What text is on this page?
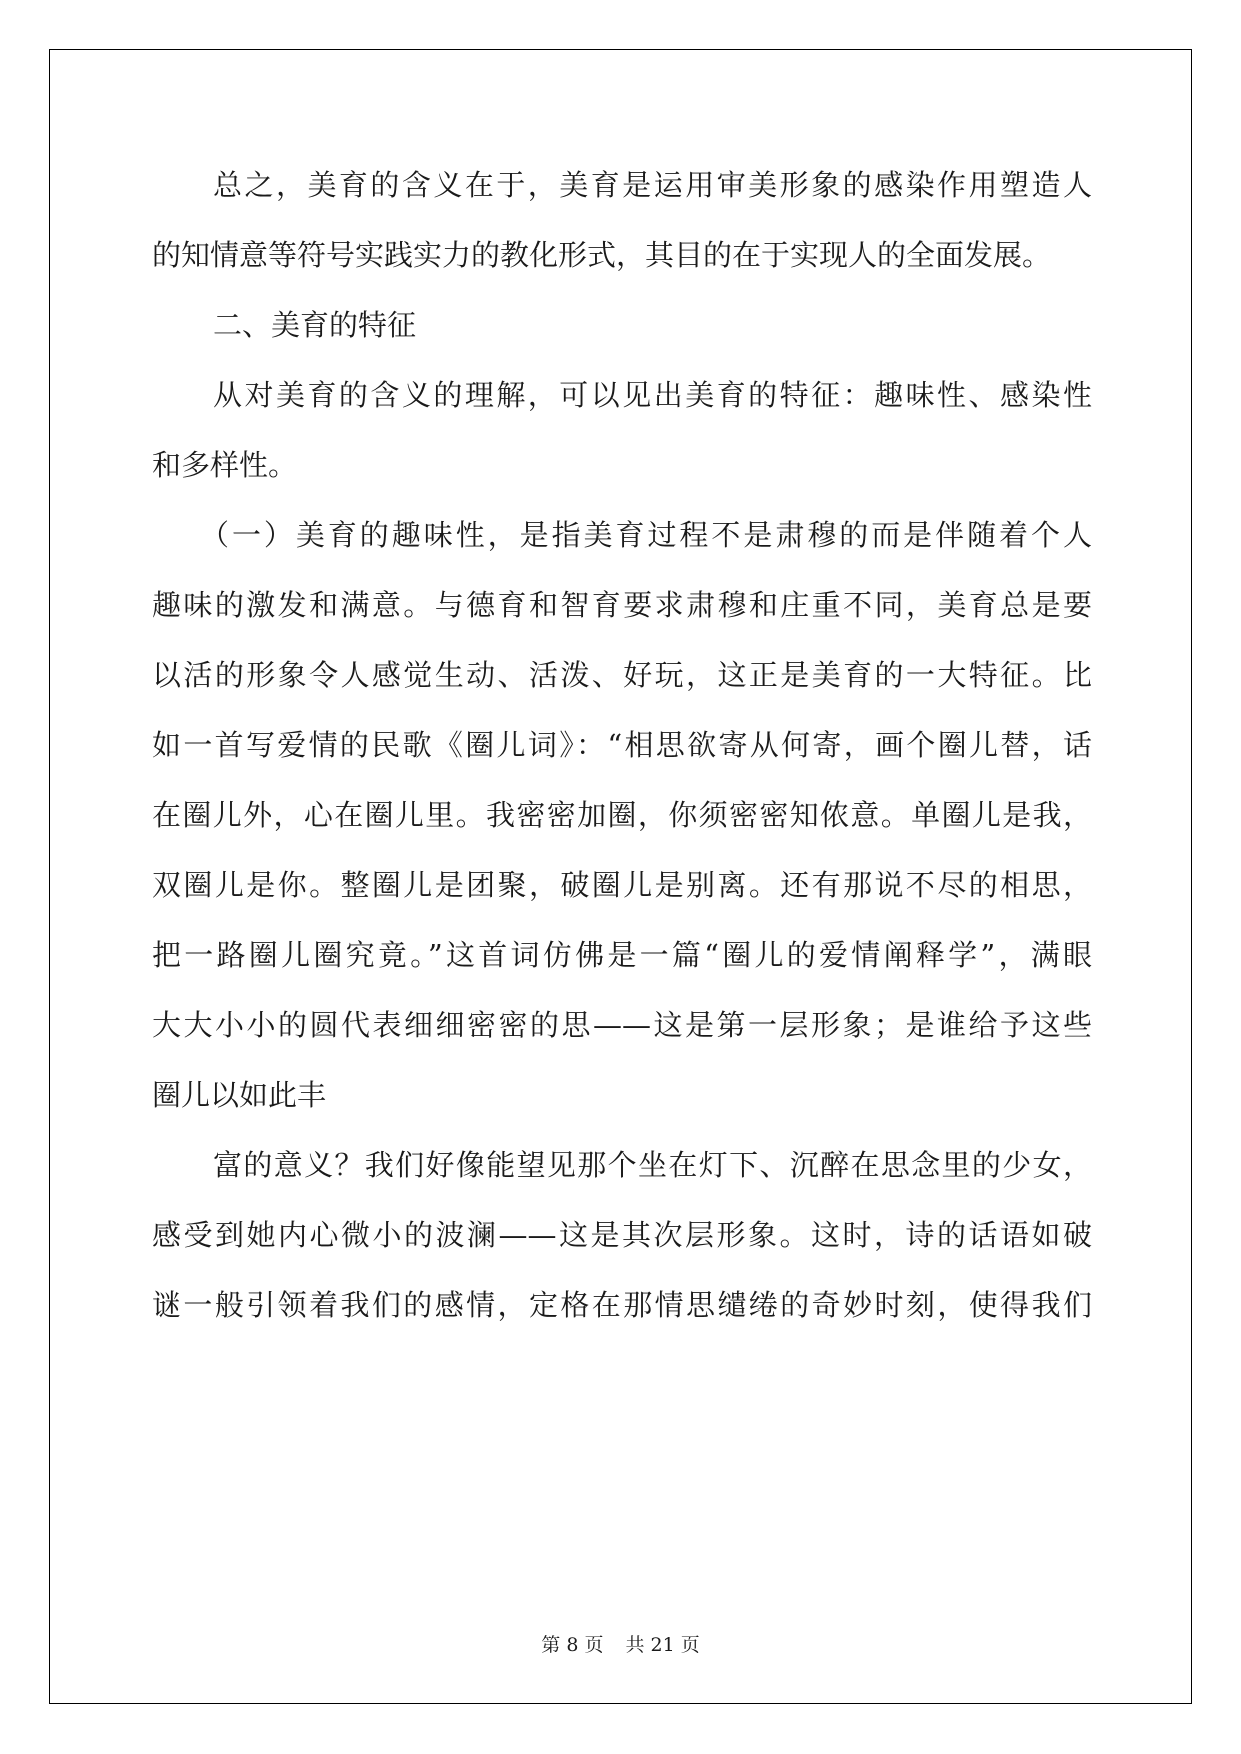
总之，美育的含义在于，美育是运用审美形象的感染作用塑造人
的知情意等符号实践实力的教化形式，其目的在于实现人的全面发展。
二、美育的特征
从对美育的含义的理解，可以见出美育的特征：趣味性、感染性
和多样性。
（一）美育的趣味性，是指美育过程不是肃穆的而是伴随着个人
趣味的激发和满意。与德育和智育要求肃穆和庄重不同，美育总是要
以活的形象令人感觉生动、活泼、好玩，这正是美育的一大特征。比
如一首写爱情的民歌《圈儿词》：“相思欲寄从何寄，画个圈儿替，话
在圈儿外，心在圈儿里。我密密加圈，你须密密知侬意。单圈儿是我，
双圈儿是你。整圈儿是团聚，破圈儿是别离。还有那说不尽的相思，
把一路圈儿圈究竟。”这首词仿佛是一篇“圈儿的爱情阐释学”，满眼
大大小小的圆代表细细密密的思——这是第一层形象；是谁给予这些
圈儿以如此丰
富的意义？我们好像能望见那个坐在灯下、沉醉在思念里的少女，
感受到她内心微小的波澜——这是其次层形象。这时，诗的话语如破
谜一般引领着我们的感情，定格在那情思缱绻的奇妙时刻，使得我们
第 8 页 共 21 页
